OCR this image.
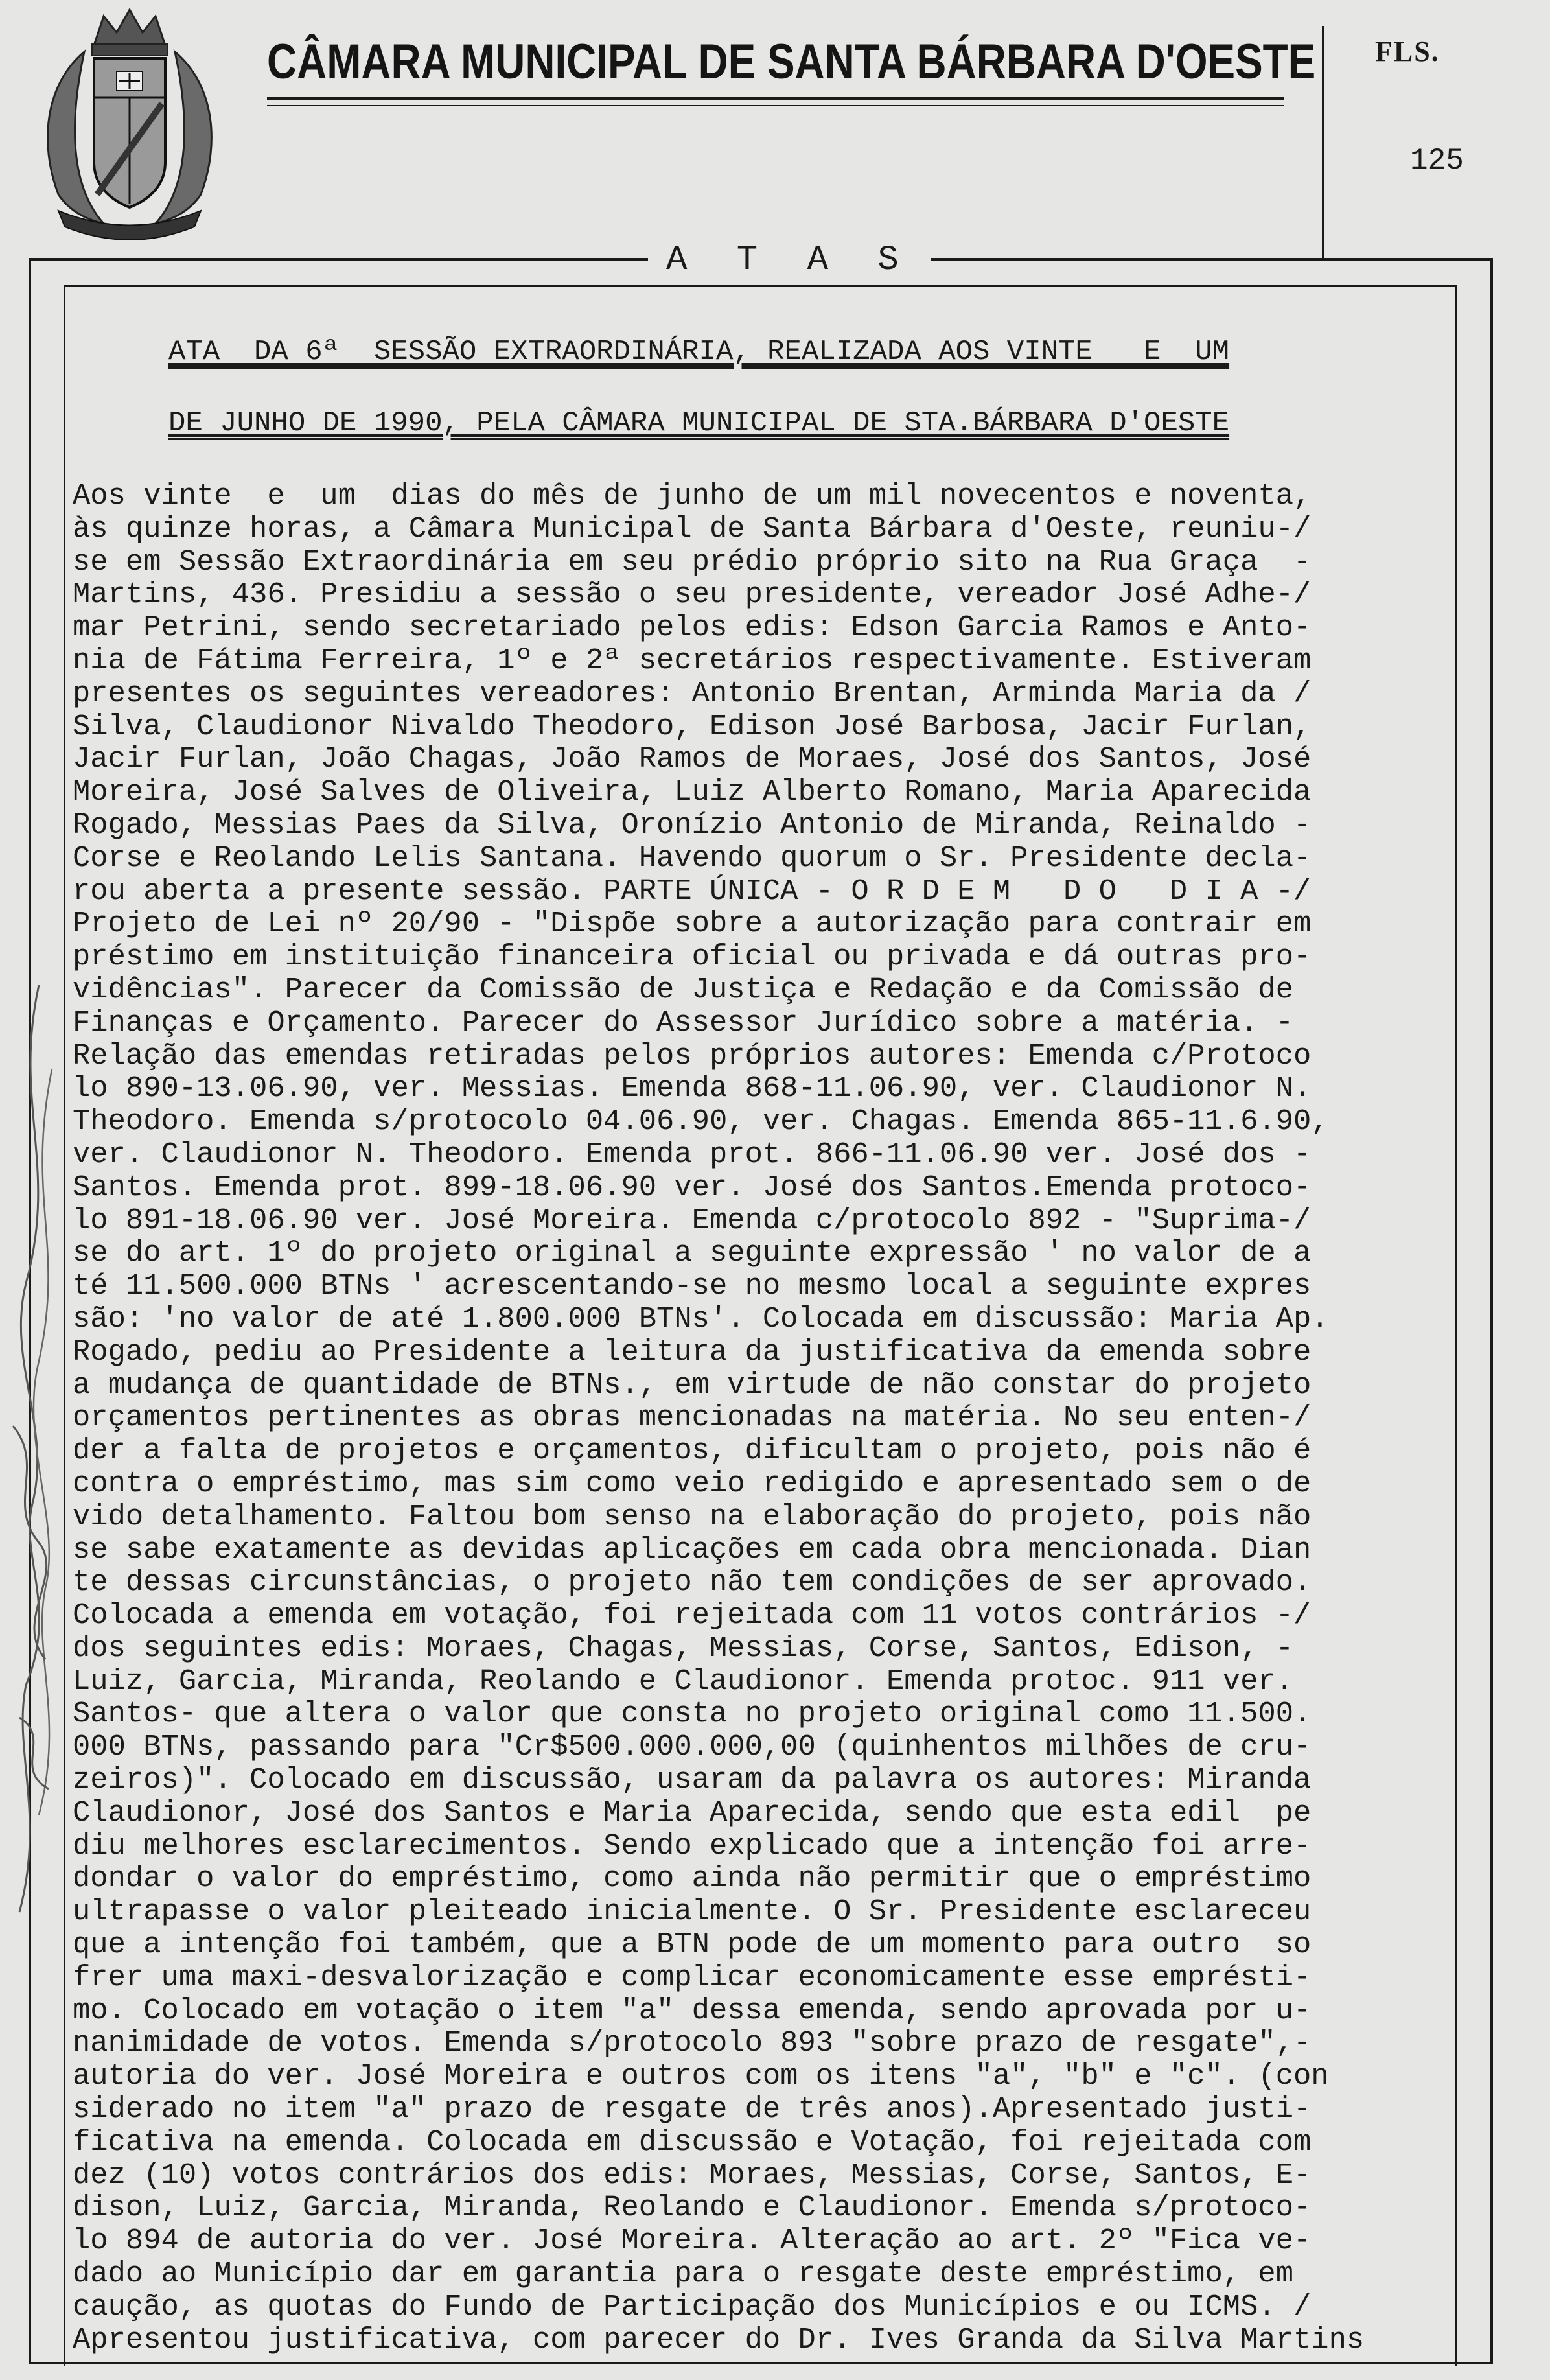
CÂMARA MUNICIPAL DE SANTA BÁRBARA D'OESTE FLS.
125
A T A S
ATA  DA 6ª  SESSÃO EXTRAORDINÁRIA, REALIZADA AOS VINTE   E  UM
DE JUNHO DE 1990, PELA CÂMARA MUNICIPAL DE STA.BÁRBARA D'OESTE
Aos vinte  e  um  dias do mês de junho de um mil novecentos e noventa,
às quinze horas, a Câmara Municipal de Santa Bárbara d'Oeste, reuniu-/
se em Sessão Extraordinária em seu prédio próprio sito na Rua Graça  -
Martins, 436. Presidiu a sessão o seu presidente, vereador José Adhe-/
mar Petrini, sendo secretariado pelos edis: Edson Garcia Ramos e Anto-
nia de Fátima Ferreira, 1º e 2ª secretários respectivamente. Estiveram
presentes os seguintes vereadores: Antonio Brentan, Arminda Maria da /
Silva, Claudionor Nivaldo Theodoro, Edison José Barbosa, Jacir Furlan,
Jacir Furlan, João Chagas, João Ramos de Moraes, José dos Santos, José
Moreira, José Salves de Oliveira, Luiz Alberto Romano, Maria Aparecida
Rogado, Messias Paes da Silva, Oronízio Antonio de Miranda, Reinaldo -
Corse e Reolando Lelis Santana. Havendo quorum o Sr. Presidente decla-
rou aberta a presente sessão. PARTE ÚNICA - O R D E M   D O   D I A -/
Projeto de Lei nº 20/90 - "Dispõe sobre a autorização para contrair em
préstimo em instituição financeira oficial ou privada e dá outras pro-
vidências". Parecer da Comissão de Justiça e Redação e da Comissão de
Finanças e Orçamento. Parecer do Assessor Jurídico sobre a matéria. -
Relação das emendas retiradas pelos próprios autores: Emenda c/Protoco
lo 890-13.06.90, ver. Messias. Emenda 868-11.06.90, ver. Claudionor N.
Theodoro. Emenda s/protocolo 04.06.90, ver. Chagas. Emenda 865-11.6.90,
ver. Claudionor N. Theodoro. Emenda prot. 866-11.06.90 ver. José dos -
Santos. Emenda prot. 899-18.06.90 ver. José dos Santos.Emenda protoco-
lo 891-18.06.90 ver. José Moreira. Emenda c/protocolo 892 - "Suprima-/
se do art. 1º do projeto original a seguinte expressão ' no valor de a
té 11.500.000 BTNs ' acrescentando-se no mesmo local a seguinte expres
são: 'no valor de até 1.800.000 BTNs'. Colocada em discussão: Maria Ap.
Rogado, pediu ao Presidente a leitura da justificativa da emenda sobre
a mudança de quantidade de BTNs., em virtude de não constar do projeto
orçamentos pertinentes as obras mencionadas na matéria. No seu enten-/
der a falta de projetos e orçamentos, dificultam o projeto, pois não é
contra o empréstimo, mas sim como veio redigido e apresentado sem o de
vido detalhamento. Faltou bom senso na elaboração do projeto, pois não
se sabe exatamente as devidas aplicações em cada obra mencionada. Dian
te dessas circunstâncias, o projeto não tem condições de ser aprovado.
Colocada a emenda em votação, foi rejeitada com 11 votos contrários -/
dos seguintes edis: Moraes, Chagas, Messias, Corse, Santos, Edison, -
Luiz, Garcia, Miranda, Reolando e Claudionor. Emenda protoc. 911 ver.
Santos- que altera o valor que consta no projeto original como 11.500.
000 BTNs, passando para "Cr$500.000.000,00 (quinhentos milhões de cru-
zeiros)". Colocado em discussão, usaram da palavra os autores: Miranda
Claudionor, José dos Santos e Maria Aparecida, sendo que esta edil  pe
diu melhores esclarecimentos. Sendo explicado que a intenção foi arre-
dondar o valor do empréstimo, como ainda não permitir que o empréstimo
ultrapasse o valor pleiteado inicialmente. O Sr. Presidente esclareceu
que a intenção foi também, que a BTN pode de um momento para outro  so
frer uma maxi-desvalorização e complicar economicamente esse emprésti-
mo. Colocado em votação o item "a" dessa emenda, sendo aprovada por u-
nanimidade de votos. Emenda s/protocolo 893 "sobre prazo de resgate",-
autoria do ver. José Moreira e outros com os itens "a", "b" e "c". (con
siderado no item "a" prazo de resgate de três anos).Apresentado justi-
ficativa na emenda. Colocada em discussão e Votação, foi rejeitada com
dez (10) votos contrários dos edis: Moraes, Messias, Corse, Santos, E-
dison, Luiz, Garcia, Miranda, Reolando e Claudionor. Emenda s/protoco-
lo 894 de autoria do ver. José Moreira. Alteração ao art. 2º "Fica ve-
dado ao Município dar em garantia para o resgate deste empréstimo, em
caução, as quotas do Fundo de Participação dos Municípios e ou ICMS. /
Apresentou justificativa, com parecer do Dr. Ives Granda da Silva Martins
